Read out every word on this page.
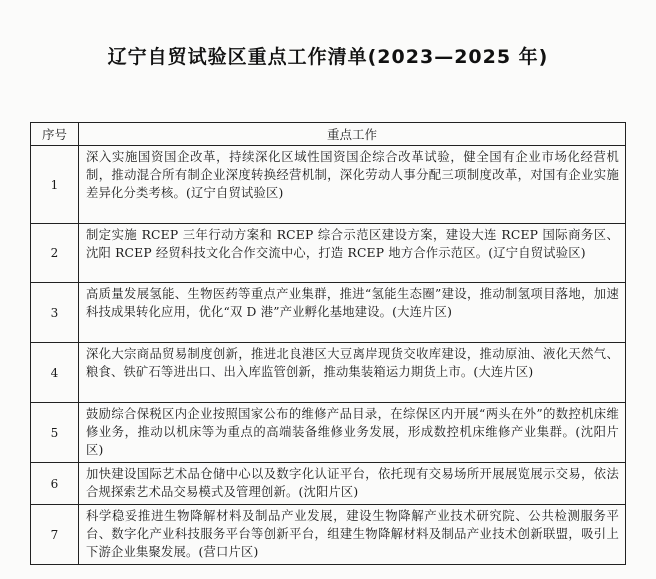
辽宁自贸试验区重点工作清单(2023—2025 年)
序号	重点工作
1	深入实施国资国企改革，持续深化区域性国资国企综合改革试验，健全国有企业市场化经营机制，推动混合所有制企业深度转换经营机制，深化劳动人事分配三项制度改革，对国有企业实施差异化分类考核。(辽宁自贸试验区)
2	制定实施 RCEP 三年行动方案和 RCEP 综合示范区建设方案，建设大连 RCEP 国际商务区、沈阳 RCEP 经贸科技文化合作交流中心，打造 RCEP 地方合作示范区。(辽宁自贸试验区)
3	高质量发展氢能、生物医药等重点产业集群，推进“氢能生态圈”建设，推动制氢项目落地，加速科技成果转化应用，优化“双 D 港”产业孵化基地建设。(大连片区)
4	深化大宗商品贸易制度创新，推进北良港区大豆离岸现货交收库建设，推动原油、液化天然气、粮食、铁矿石等进出口、出入库监管创新，推动集装箱运力期货上市。(大连片区)
5	鼓励综合保税区内企业按照国家公布的维修产品目录，在综保区内开展“两头在外”的数控机床维修业务，推动以机床等为重点的高端装备维修业务发展，形成数控机床维修产业集群。(沈阳片区)
6	加快建设国际艺术品仓储中心以及数字化认证平台，依托现有交易场所开展展览展示交易，依法合规探索艺术品交易模式及管理创新。(沈阳片区)
7	科学稳妥推进生物降解材料及制品产业发展，建设生物降解产业技术研究院、公共检测服务平台、数字化产业科技服务平台等创新平台，组建生物降解材料及制品产业技术创新联盟，吸引上下游企业集聚发展。(营口片区)
